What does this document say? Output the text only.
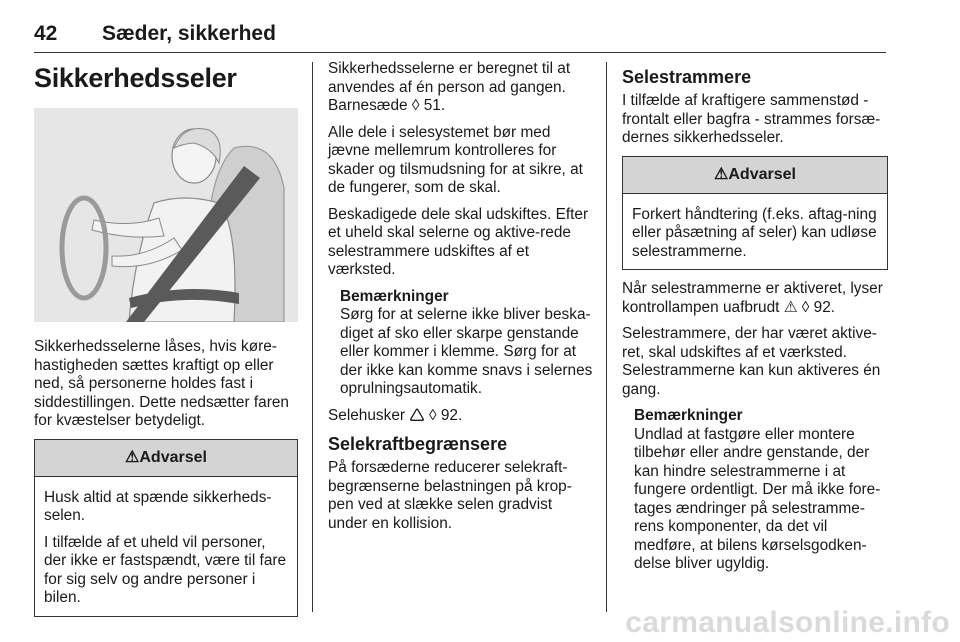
42 Sæder, sikkerhed
Sikkerhedsseler

Sikkerhedsselerne låses, hvis køre-hastigheden sættes kraftigt op eller ned, så personerne holdes fast i siddestillingen. Dette nedsætter faren for kvæstelser betydeligt.

⚠Advarsel

Husk altid at spænde sikkerheds-selen.

I tilfælde af et uheld vil personer, der ikke er fastspændt, være til fare for sig selv og andre personer i bilen.

Sikkerhedsselerne er beregnet til at anvendes af én person ad gangen. Barnesæde ◊ 51.

Alle dele i selesystemet bør med jævne mellemrum kontrolleres for skader og tilsmudsning for at sikre, at de fungerer, som de skal.

Beskadigede dele skal udskiftes. Efter et uheld skal selerne og aktive-rede selestrammere udskiftes af et værksted.

Bemærkninger
Sørg for at selerne ikke bliver beska-diget af sko eller skarpe genstande eller kommer i klemme. Sørg for at der ikke kan komme snavs i selernes oprulningsautomatik.

Selehusker 🛆 ◊ 92.

Selekraftbegrænsere

På forsæderne reducerer selekraft-begrænserne belastningen på krop-pen ved at slække selen gradvist under en kollision.

Selestrammere

I tilfælde af kraftigere sammenstød - frontalt eller bagfra - strammes forsæ-dernes sikkerhedsseler.

⚠Advarsel

Forkert håndtering (f.eks. aftag-ning eller påsætning af seler) kan udløse selestrammerne.

Når selestrammerne er aktiveret, lyser kontrollampen uafbrudt ⚠ ◊ 92.

Selestrammere, der har været aktive-ret, skal udskiftes af et værksted.

Selestrammerne kan kun aktiveres én gang.

Bemærkninger
Undlad at fastgøre eller montere tilbehør eller andre genstande, der kan hindre selestrammerne i at fungere ordentligt. Der må ikke fore-tages ændringer på selestramme-rens komponenter, da det vil medføre, at bilens kørselsgodken-delse bliver ugyldig.
carmanualsonline.info
